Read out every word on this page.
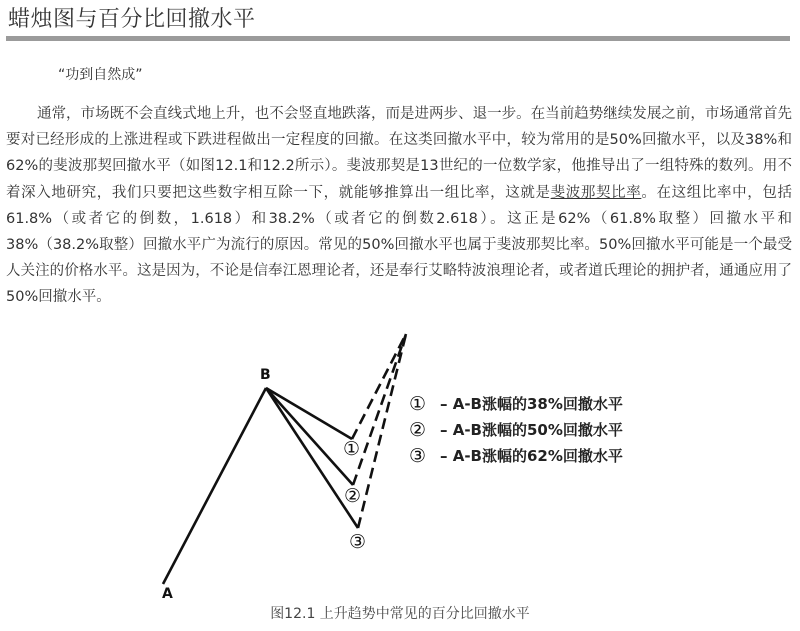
蜡烛图与百分比回撤水平
“功到自然成”
通常，市场既不会直线式地上升，也不会竖直地跌落，而是进两步、退一步。在当前趋势继续发展之前，市场通常首先要对已经形成的上涨进程或下跌进程做出一定程度的回撤。在这类回撤水平中，较为常用的是50%回撤水平，以及38%和62%的斐波那契回撤水平（如图12.1和12.2所示）。斐波那契是13世纪的一位数学家，他推导出了一组特殊的数列。用不着深入地研究，我们只要把这些数字相互除一下，就能够推算出一组比率，这就是斐波那契比率。在这组比率中，包括61.8%（或者它的倒数，1.618）和38.2%（或者它的倒数2.618）。这正是62%（61.8%取整）回撤水平和38%（38.2%取整）回撤水平广为流行的原因。常见的50%回撤水平也属于斐波那契比率。50%回撤水平可能是一个最受人关注的价格水平。这是因为，不论是信奉江恩理论者，还是奉行艾略特波浪理论者，或者道氏理论的拥护者，通通应用了50%回撤水平。
B
A
①
②
③
① – A-B涨幅的38%回撤水平
② – A-B涨幅的50%回撤水平
③ – A-B涨幅的62%回撤水平
图12.1 上升趋势中常见的百分比回撤水平
